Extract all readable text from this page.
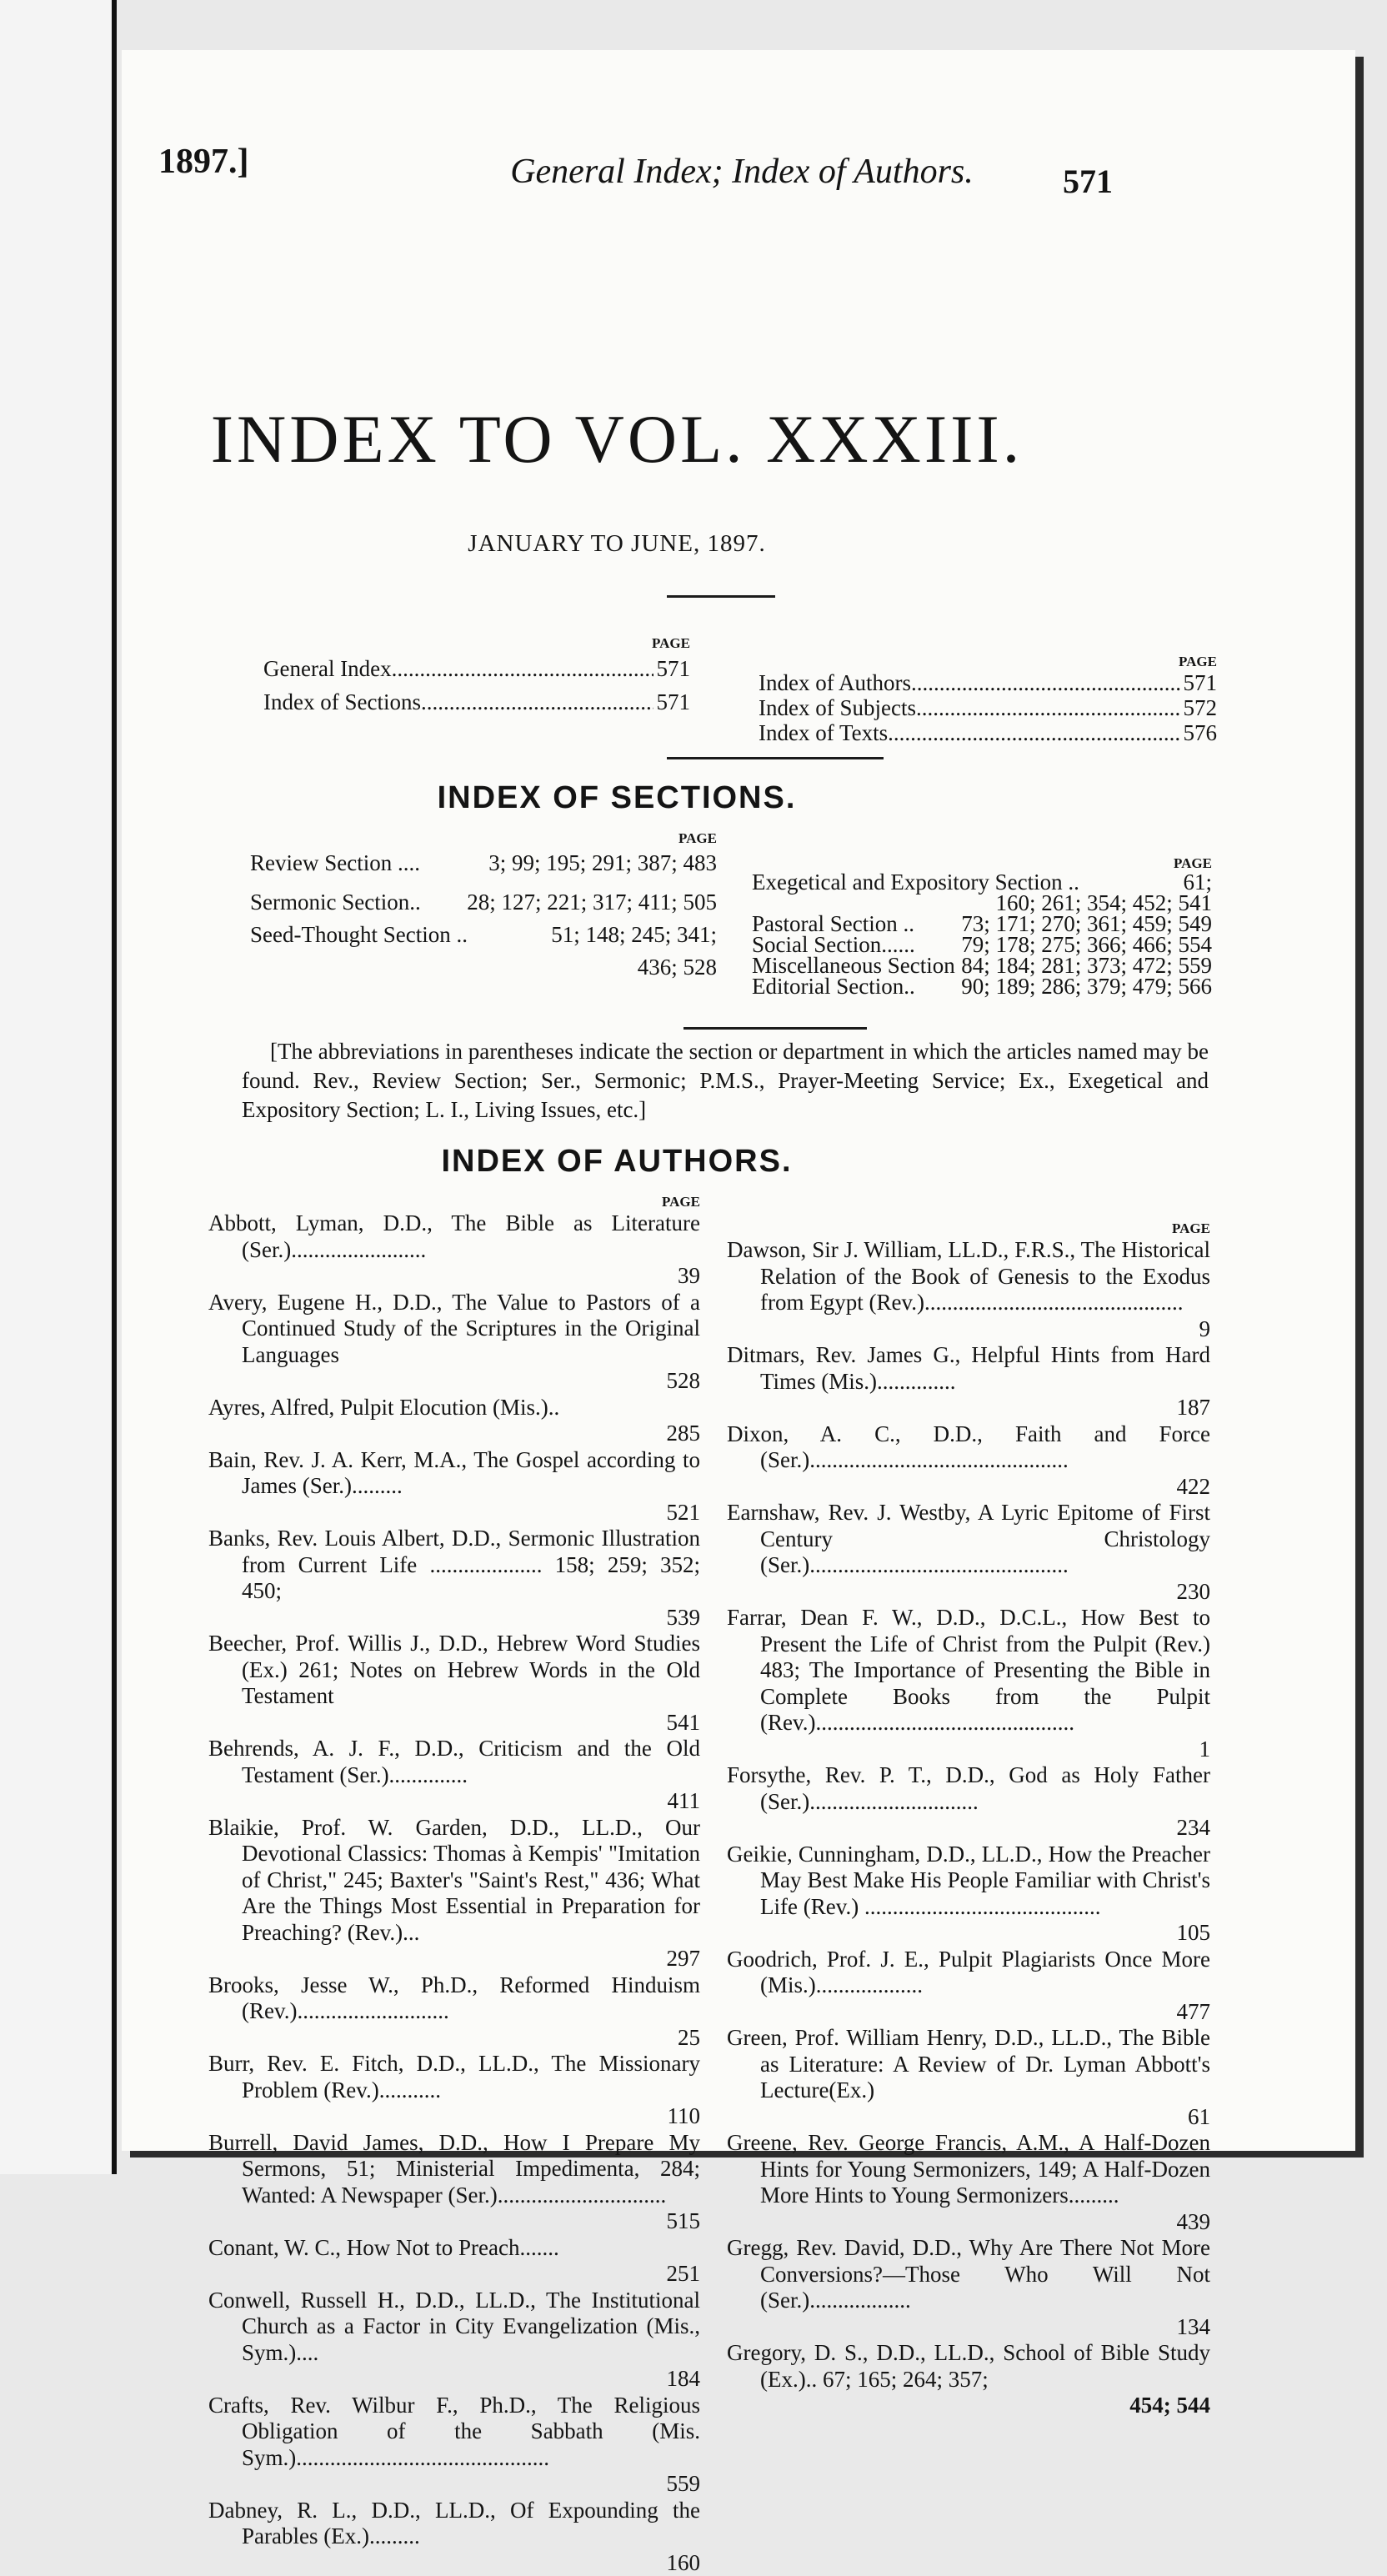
1897.]	General Index; Index of Authors.	571
INDEX TO VOL. XXXIII.
JANUARY TO JUNE, 1897.
PAGE
General Index .....	571
Index of Sections .....	571
PAGE
Index of Authors .....	571
Index of Subjects .....	572
Index of Texts .....	576
INDEX OF SECTIONS.
PAGE
Review Section ....	3; 99; 195; 291; 387; 483
Sermonic Section..	28; 127; 221; 317; 411; 505
Seed-Thought Section ..	51; 148; 245; 341;
436; 528
PAGE
Exegetical and Expository Section ..	61;
160; 261; 354; 452; 541
Pastoral Section ..	73; 171; 270; 361; 459; 549
Social Section......	79; 178; 275; 366; 466; 554
Miscellaneous Section 84; 184; 281; 373; 472; 559
Editorial Section..	90; 189; 286; 379; 479; 566
[The abbreviations in parentheses indicate the section or department in which the articles named may be found. Rev., Review Section; Ser., Sermonic; P.M.S., Prayer-Meeting Service; Ex., Exegetical and Expository Section; L. I., Living Issues, etc.]
INDEX OF AUTHORS.
PAGE
Abbott, Lyman, D.D., The Bible as Literature (Ser.)........................
39
Avery, Eugene H., D.D., The Value to Pastors of a Continued Study of the Scriptures in the Original Languages
528
Ayres, Alfred, Pulpit Elocution (Mis.)..
285
Bain, Rev. J. A. Kerr, M.A., The Gospel according to James (Ser.).........
521
Banks, Rev. Louis Albert, D.D., Sermonic Illustration from Current Life .................... 158; 259; 352; 450;
539
Beecher, Prof. Willis J., D.D., Hebrew Word Studies (Ex.) 261; Notes on Hebrew Words in the Old Testament
541
Behrends, A. J. F., D.D., Criticism and the Old Testament (Ser.)..............
411
Blaikie, Prof. W. Garden, D.D., LL.D., Our Devotional Classics: Thomas à Kempis' "Imitation of Christ," 245; Baxter's "Saint's Rest," 436; What Are the Things Most Essential in Preparation for Preaching? (Rev.)...
297
Brooks, Jesse W., Ph.D., Reformed Hinduism (Rev.)...........................
25
Burr, Rev. E. Fitch, D.D., LL.D., The Missionary Problem (Rev.)...........
110
Burrell, David James, D.D., How I Prepare My Sermons, 51; Ministerial Impedimenta, 284; Wanted: A Newspaper (Ser.)..............................
515
Conant, W. C., How Not to Preach.......
251
Conwell, Russell H., D.D., LL.D., The Institutional Church as a Factor in City Evangelization (Mis., Sym.)....
184
Crafts, Rev. Wilbur F., Ph.D., The Religious Obligation of the Sabbath (Mis. Sym.).............................................
559
Dabney, R. L., D.D., LL.D., Of Expounding the Parables (Ex.).........
160
PAGE
Dawson, Sir J. William, LL.D., F.R.S., The Historical Relation of the Book of Genesis to the Exodus from Egypt (Rev.)..............................................
9
Ditmars, Rev. James G., Helpful Hints from Hard Times (Mis.)..............
187
Dixon, A. C., D.D., Faith and Force (Ser.)..............................................
422
Earnshaw, Rev. J. Westby, A Lyric Epitome of First Century Christology (Ser.)..............................................
230
Farrar, Dean F. W., D.D., D.C.L., How Best to Present the Life of Christ from the Pulpit (Rev.) 483; The Importance of Presenting the Bible in Complete Books from the Pulpit (Rev.)..............................................
1
Forsythe, Rev. P. T., D.D., God as Holy Father (Ser.)..............................
234
Geikie, Cunningham, D.D., LL.D., How the Preacher May Best Make His People Familiar with Christ's Life (Rev.) ..........................................
105
Goodrich, Prof. J. E., Pulpit Plagiarists Once More (Mis.)...................
477
Green, Prof. William Henry, D.D., LL.D., The Bible as Literature: A Review of Dr. Lyman Abbott's Lecture(Ex.)
61
Greene, Rev. George Francis, A.M., A Half-Dozen Hints for Young Sermonizers, 149; A Half-Dozen More Hints to Young Sermonizers.........
439
Gregg, Rev. David, D.D., Why Are There Not More Conversions?—Those Who Will Not (Ser.)..................
134
Gregory, D. S., D.D., LL.D., School of Bible Study (Ex.).. 67; 165; 264; 357;
454; 544
